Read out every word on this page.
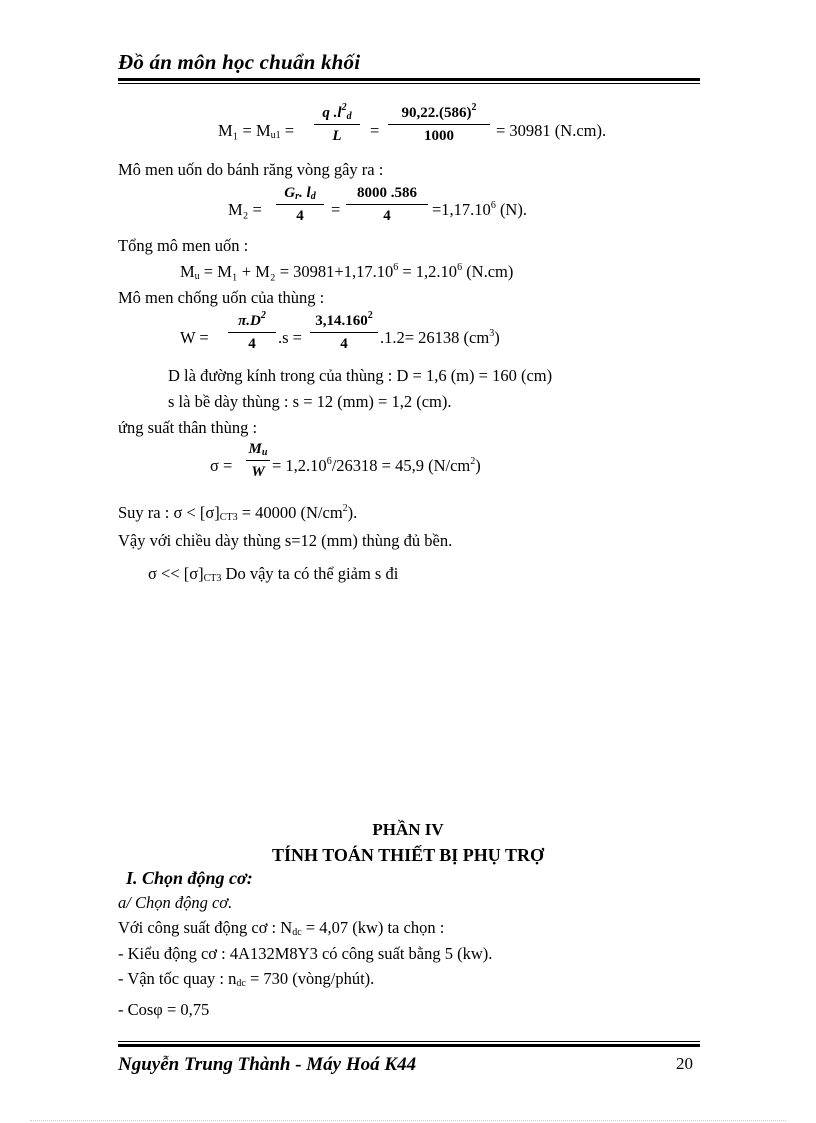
Đồ án môn học chuẩn khối
$M_1 = M_{u1}$ =
q $.l^2_d$
L	=
$90,22.(586)^2$
1000	= 30981 (N.cm).
Mô men uốn do bánh răng vòng gây ra :
M₂ =
$G_r$. $l_d$
4	=
8000 .586
4	$=1,17.10^6$ (N).
Tổng mô men uốn :
$M_u = M_1 + M_2 = 30981+1,17.10^6 = 1,2.10^6$ (N.cm)
Mô men chống uốn của thùng :
W =
$\pi.D^2$
4	.s =
$3,14.160^2$
4	.1.2= 26138 $(cm^3)$
D là đường kính trong của thùng : D = 1,6 (m) = 160 (cm)
s là bề dày thùng : s = 12 (mm) = 1,2 (cm).
ứng suất thân thùng :
σ =
$M_u$
$W = 1,2.10^6/26318 = 45,9$ $(N/cm^2)$
Suy ra : $\sigma < [\sigma]_{CT3} = 40000$ $(N/cm^2)$.
Vậy với chiều dày thùng s=12 (mm) thùng đủ bền.
$\sigma << [\sigma]_{CT3}$ Do vậy ta có thể giảm s đi
PHẦN IV
TÍNH TOÁN THIẾT BỊ PHỤ TRỢ
I. Chọn động cơ:
a/ Chọn động cơ.
Với công suất động cơ : $N_{dc} = 4,07$ (kw) ta chọn :
- Kiểu động cơ : 4A132M8Y3 có công suất bằng 5 (kw).
- Vận tốc quay : $n_{dc} = 730$ (vòng/phút).
- Cosφ = 0,75
Nguyễn Trung Thành - Máy Hoá K44	20
